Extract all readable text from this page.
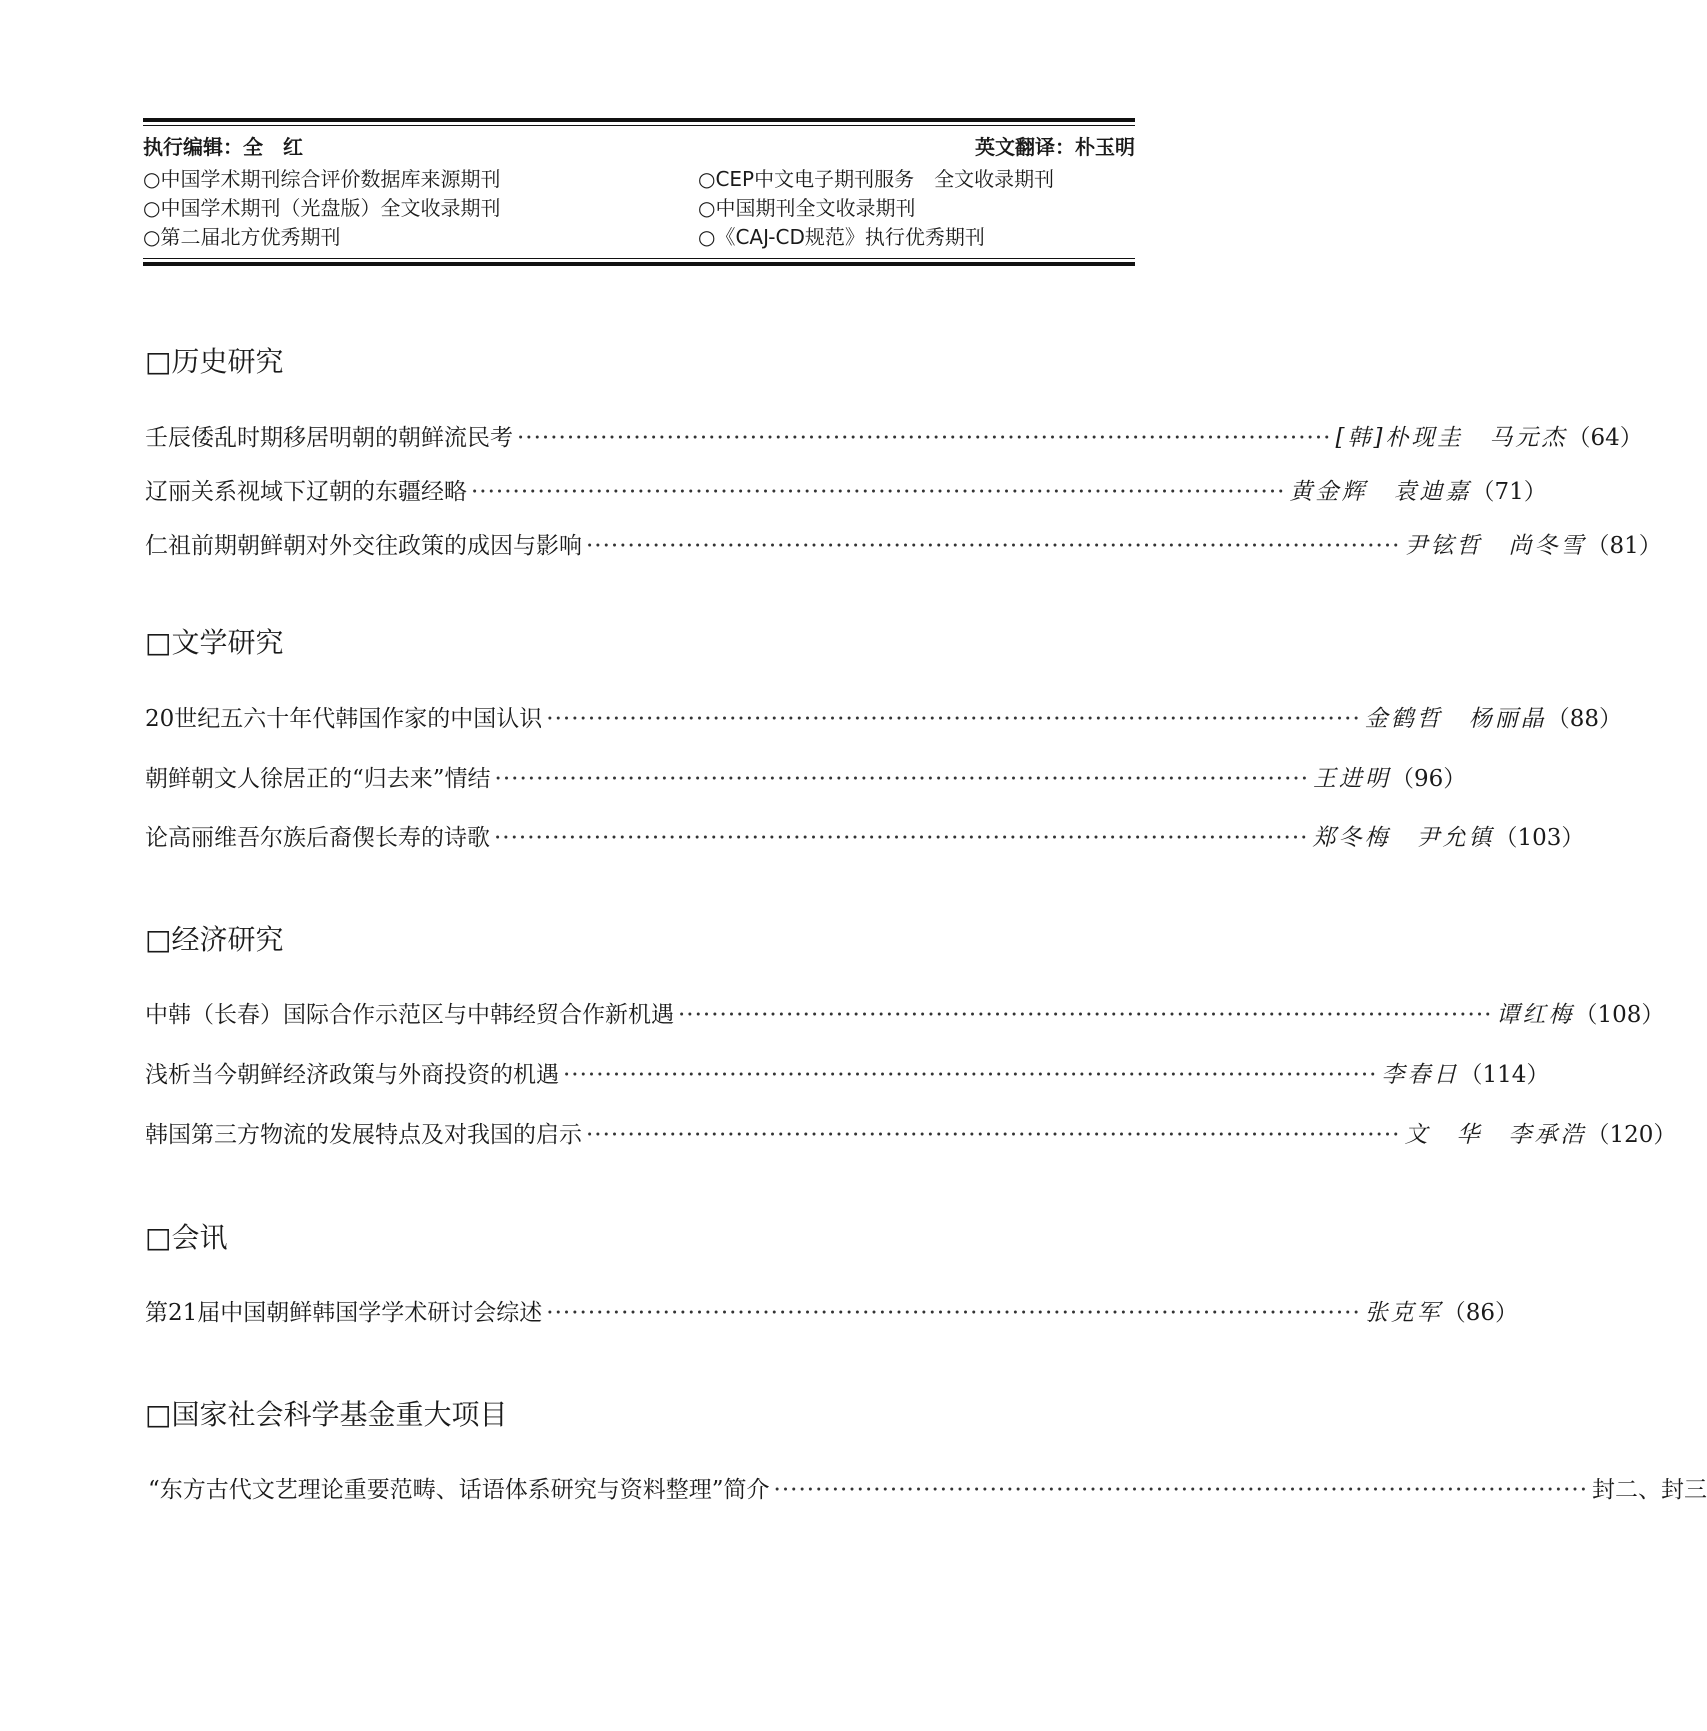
执行编辑：全　红	英文翻译：朴玉明
○中国学术期刊综合评价数据库来源期刊	○CEP中文电子期刊服务　全文收录期刊
○中国学术期刊（光盘版）全文收录期刊	○中国期刊全文收录期刊
○第二届北方优秀期刊	○《CAJ-CD规范》执行优秀期刊
□历史研究
壬辰倭乱时期移居明朝的朝鲜流民考 ·································································································· [韩]朴现圭　马元杰 （64）
辽丽关系视域下辽朝的东疆经略 ·································································································· 黄金辉　袁迪嘉 （71）
仁祖前期朝鲜朝对外交往政策的成因与影响 ·································································································· 尹铉哲　尚冬雪 （81）
□文学研究
20世纪五六十年代韩国作家的中国认识 ·································································································· 金鹤哲　杨丽晶 （88）
朝鲜朝文人徐居正的“归去来”情结 ·································································································· 王进明 （96）
论高丽维吾尔族后裔偰长寿的诗歌 ·································································································· 郑冬梅　尹允镇 （103）
□经济研究
中韩（长春）国际合作示范区与中韩经贸合作新机遇 ·································································································· 谭红梅 （108）
浅析当今朝鲜经济政策与外商投资的机遇 ·································································································· 李春日 （114）
韩国第三方物流的发展特点及对我国的启示 ·································································································· 文　华　李承浩 （120）
□会讯
第21届中国朝鲜韩国学学术研讨会综述 ·································································································· 张克军 （86）
□国家社会科学基金重大项目
“东方古代文艺理论重要范畴、话语体系研究与资料整理”简介 ·································································································· 封二、封三
